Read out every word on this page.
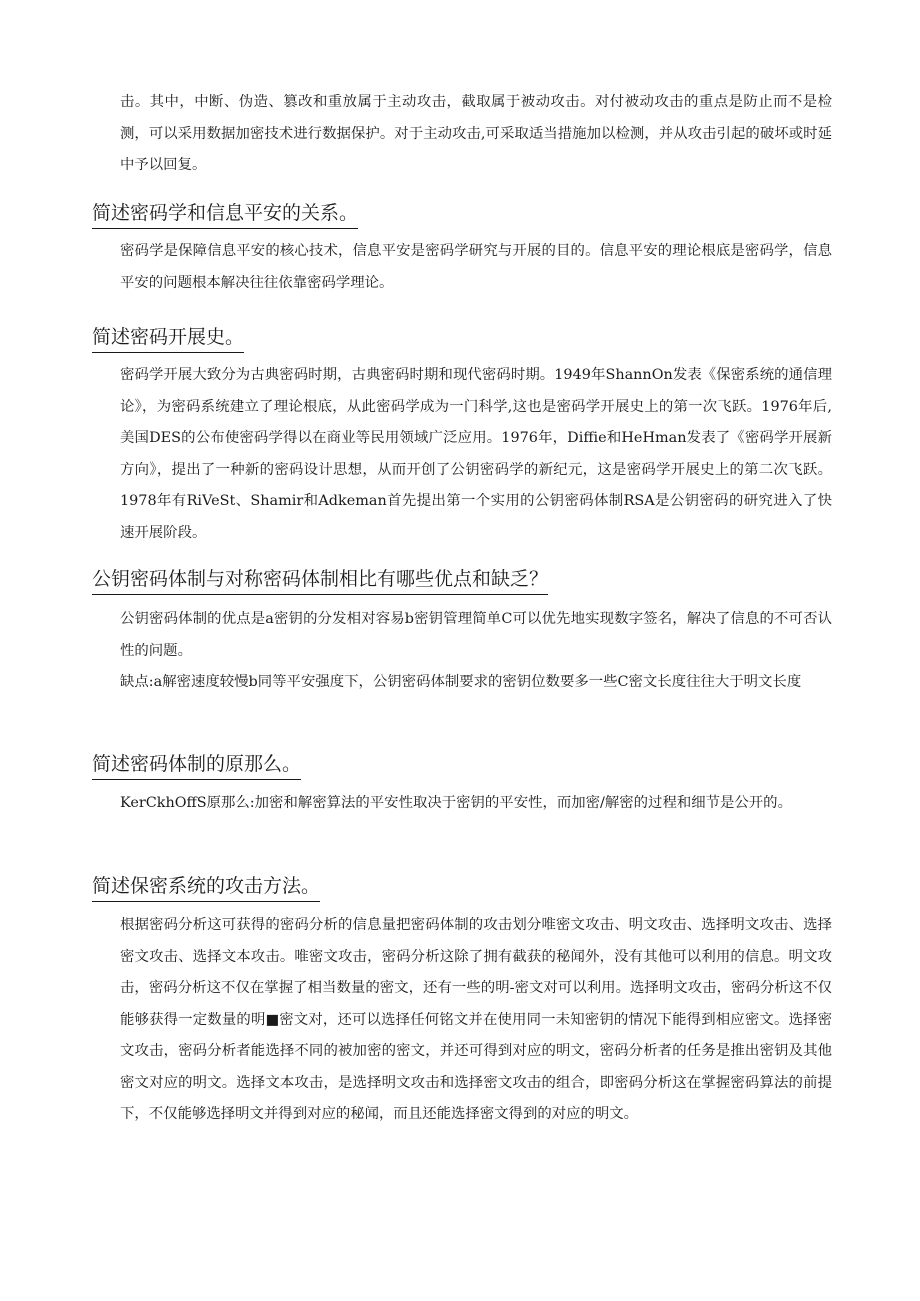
击。其中，中断、伪造、篡改和重放属于主动攻击，截取属于被动攻击。对付被动攻击的重点是防止而不是检测，可以采用数据加密技术进行数据保护。对于主动攻击,可采取适当措施加以检测，并从攻击引起的破坏或时延中予以回复。

简述密码学和信息平安的关系。

密码学是保障信息平安的核心技术，信息平安是密码学研究与开展的目的。信息平安的理论根底是密码学，信息平安的问题根本解决往往依靠密码学理论。

简述密码开展史。

密码学开展大致分为古典密码时期，古典密码时期和现代密码时期。1949年ShannOn发表《保密系统的通信理论》，为密码系统建立了理论根底，从此密码学成为一门科学,这也是密码学开展史上的第一次飞跃。1976年后,美国DES的公布使密码学得以在商业等民用领域广泛应用。1976年，Diffie和HeHman发表了《密码学开展新方向》，提出了一种新的密码设计思想，从而开创了公钥密码学的新纪元，这是密码学开展史上的第二次飞跃。1978年有RiVeSt、Shamir和Adkeman首先提出第一个实用的公钥密码体制RSA是公钥密码的研究进入了快速开展阶段。

公钥密码体制与对称密码体制相比有哪些优点和缺乏？

公钥密码体制的优点是a密钥的分发相对容易b密钥管理简单C可以优先地实现数字签名，解决了信息的不可否认性的问题。

缺点:a解密速度较慢b同等平安强度下，公钥密码体制要求的密钥位数要多一些C密文长度往往大于明文长度

简述密码体制的原那么。

KerCkhOffS原那么:加密和解密算法的平安性取决于密钥的平安性，而加密/解密的过程和细节是公开的。

简述保密系统的攻击方法。

根据密码分析这可获得的密码分析的信息量把密码体制的攻击划分唯密文攻击、明文攻击、选择明文攻击、选择密文攻击、选择文本攻击。唯密文攻击，密码分析这除了拥有截获的秘闻外，没有其他可以利用的信息。明文攻击，密码分析这不仅在掌握了相当数量的密文，还有一些的明-密文对可以利用。选择明文攻击，密码分析这不仅能够获得一定数量的明■密文对，还可以选择任何铭文并在使用同一未知密钥的情况下能得到相应密文。选择密文攻击，密码分析者能选择不同的被加密的密文，并还可得到对应的明文，密码分析者的任务是推出密钥及其他密文对应的明文。选择文本攻击，是选择明文攻击和选择密文攻击的组合，即密码分析这在掌握密码算法的前提下，不仅能够选择明文并得到对应的秘闻，而且还能选择密文得到的对应的明文。
